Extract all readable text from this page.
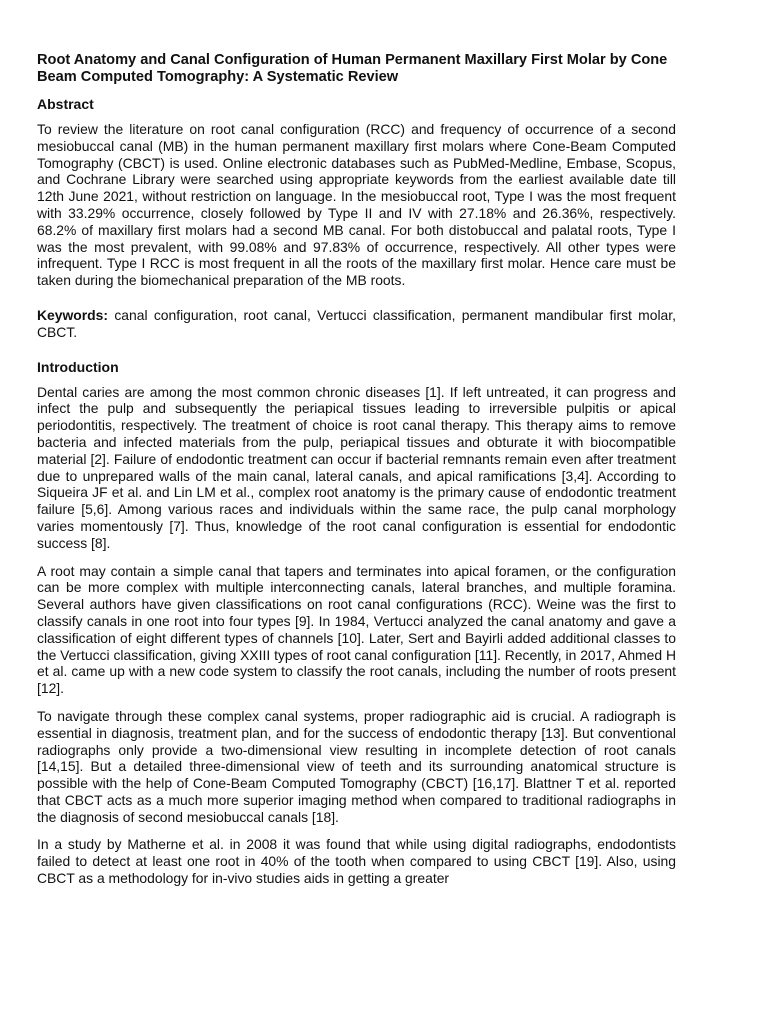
Root Anatomy and Canal Configuration of Human Permanent Maxillary First Molar by Cone Beam Computed Tomography: A Systematic Review
Abstract

To review the literature on root canal configuration (RCC) and frequency of occurrence of a second mesiobuccal canal (MB) in the human permanent maxillary first molars where Cone-Beam Computed Tomography (CBCT) is used. Online electronic databases such as PubMed-Medline, Embase, Scopus, and Cochrane Library were searched using appropriate keywords from the earliest available date till 12th June 2021, without restriction on language. In the mesiobuccal root, Type I was the most frequent with 33.29% occurrence, closely followed by Type II and IV with 27.18% and 26.36%, respectively. 68.2% of maxillary first molars had a second MB canal. For both distobuccal and palatal roots, Type I was the most prevalent, with 99.08% and 97.83% of occurrence, respectively. All other types were infrequent. Type I RCC is most frequent in all the roots of the maxillary first molar. Hence care must be taken during the biomechanical preparation of the MB roots.

Keywords: canal configuration, root canal, Vertucci classification, permanent mandibular first molar, CBCT.

Introduction

Dental caries are among the most common chronic diseases [1]. If left untreated, it can progress and infect the pulp and subsequently the periapical tissues leading to irreversible pulpitis or apical periodontitis, respectively. The treatment of choice is root canal therapy. This therapy aims to remove bacteria and infected materials from the pulp, periapical tissues and obturate it with biocompatible material [2]. Failure of endodontic treatment can occur if bacterial remnants remain even after treatment due to unprepared walls of the main canal, lateral canals, and apical ramifications [3,4]. According to Siqueira JF et al. and Lin LM et al., complex root anatomy is the primary cause of endodontic treatment failure [5,6]. Among various races and individuals within the same race, the pulp canal morphology varies momentously [7]. Thus, knowledge of the root canal configuration is essential for endodontic success [8].

A root may contain a simple canal that tapers and terminates into apical foramen, or the configuration can be more complex with multiple interconnecting canals, lateral branches, and multiple foramina. Several authors have given classifications on root canal configurations (RCC). Weine was the first to classify canals in one root into four types [9]. In 1984, Vertucci analyzed the canal anatomy and gave a classification of eight different types of channels [10]. Later, Sert and Bayirli added additional classes to the Vertucci classification, giving XXIII types of root canal configuration [11]. Recently, in 2017, Ahmed H et al. came up with a new code system to classify the root canals, including the number of roots present [12].

To navigate through these complex canal systems, proper radiographic aid is crucial. A radiograph is essential in diagnosis, treatment plan, and for the success of endodontic therapy [13]. But conventional radiographs only provide a two-dimensional view resulting in incomplete detection of root canals [14,15]. But a detailed three-dimensional view of teeth and its surrounding anatomical structure is possible with the help of Cone-Beam Computed Tomography (CBCT) [16,17]. Blattner T et al. reported that CBCT acts as a much more superior imaging method when compared to traditional radiographs in the diagnosis of second mesiobuccal canals [18].

In a study by Matherne et al. in 2008 it was found that while using digital radiographs, endodontists failed to detect at least one root in 40% of the tooth when compared to using CBCT [19]. Also, using CBCT as a methodology for in-vivo studies aids in getting a greater
